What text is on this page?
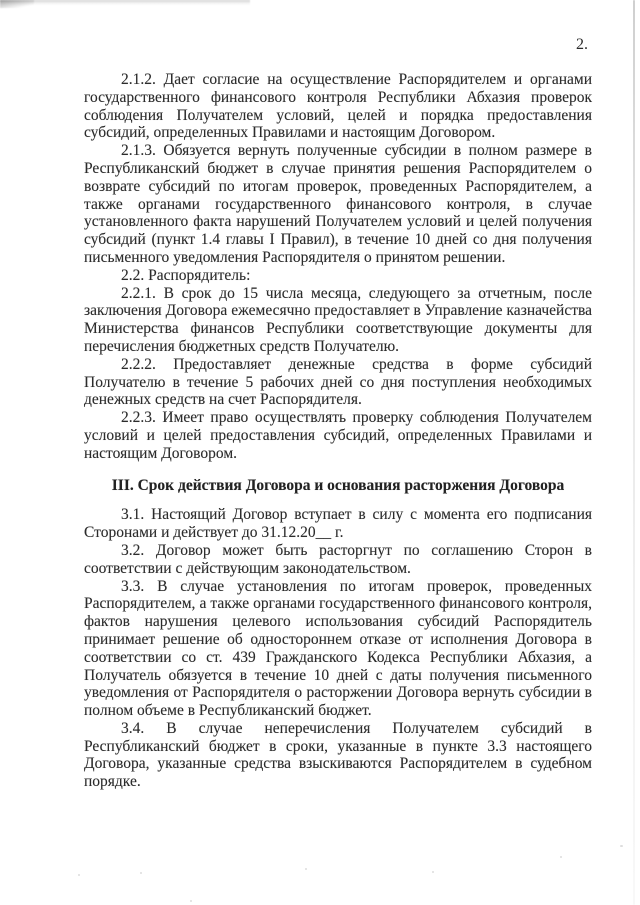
2.

2.1.2. Дает согласие на осуществление Распорядителем и органами государственного финансового контроля Республики Абхазия проверок соблюдения Получателем условий, целей и порядка предоставления субсидий, определенных Правилами и настоящим Договором.

2.1.3. Обязуется вернуть полученные субсидии в полном размере в Республиканский бюджет в случае принятия решения Распорядителем о возврате субсидий по итогам проверок, проведенных Распорядителем, а также органами государственного финансового контроля, в случае установленного факта нарушений Получателем условий и целей получения субсидий (пункт 1.4 главы I Правил), в течение 10 дней со дня получения письменного уведомления Распорядителя о принятом решении.

2.2. Распорядитель:

2.2.1. В срок до 15 числа месяца, следующего за отчетным, после заключения Договора ежемесячно предоставляет в Управление казначейства Министерства финансов Республики соответствующие документы для перечисления бюджетных средств Получателю.

2.2.2. Предоставляет денежные средства в форме субсидий Получателю в течение 5 рабочих дней со дня поступления необходимых денежных средств на счет Распорядителя.

2.2.3. Имеет право осуществлять проверку соблюдения Получателем условий и целей предоставления субсидий, определенных Правилами и настоящим Договором.

III. Срок действия Договора и основания расторжения Договора

3.1. Настоящий Договор вступает в силу с момента его подписания Сторонами и действует до 31.12.20__ г.

3.2. Договор может быть расторгнут по соглашению Сторон в соответствии с действующим законодательством.

3.3. В случае установления по итогам проверок, проведенных Распорядителем, а также органами государственного финансового контроля, фактов нарушения целевого использования субсидий Распорядитель принимает решение об одностороннем отказе от исполнения Договора в соответствии со ст. 439 Гражданского Кодекса Республики Абхазия, а Получатель обязуется в течение 10 дней с даты получения письменного уведомления от Распорядителя о расторжении Договора вернуть субсидии в полном объеме в Республиканский бюджет.

3.4. В случае неперечисления Получателем субсидий в Республиканский бюджет в сроки, указанные в пункте 3.3 настоящего Договора, указанные средства взыскиваются Распорядителем в судебном порядке.
